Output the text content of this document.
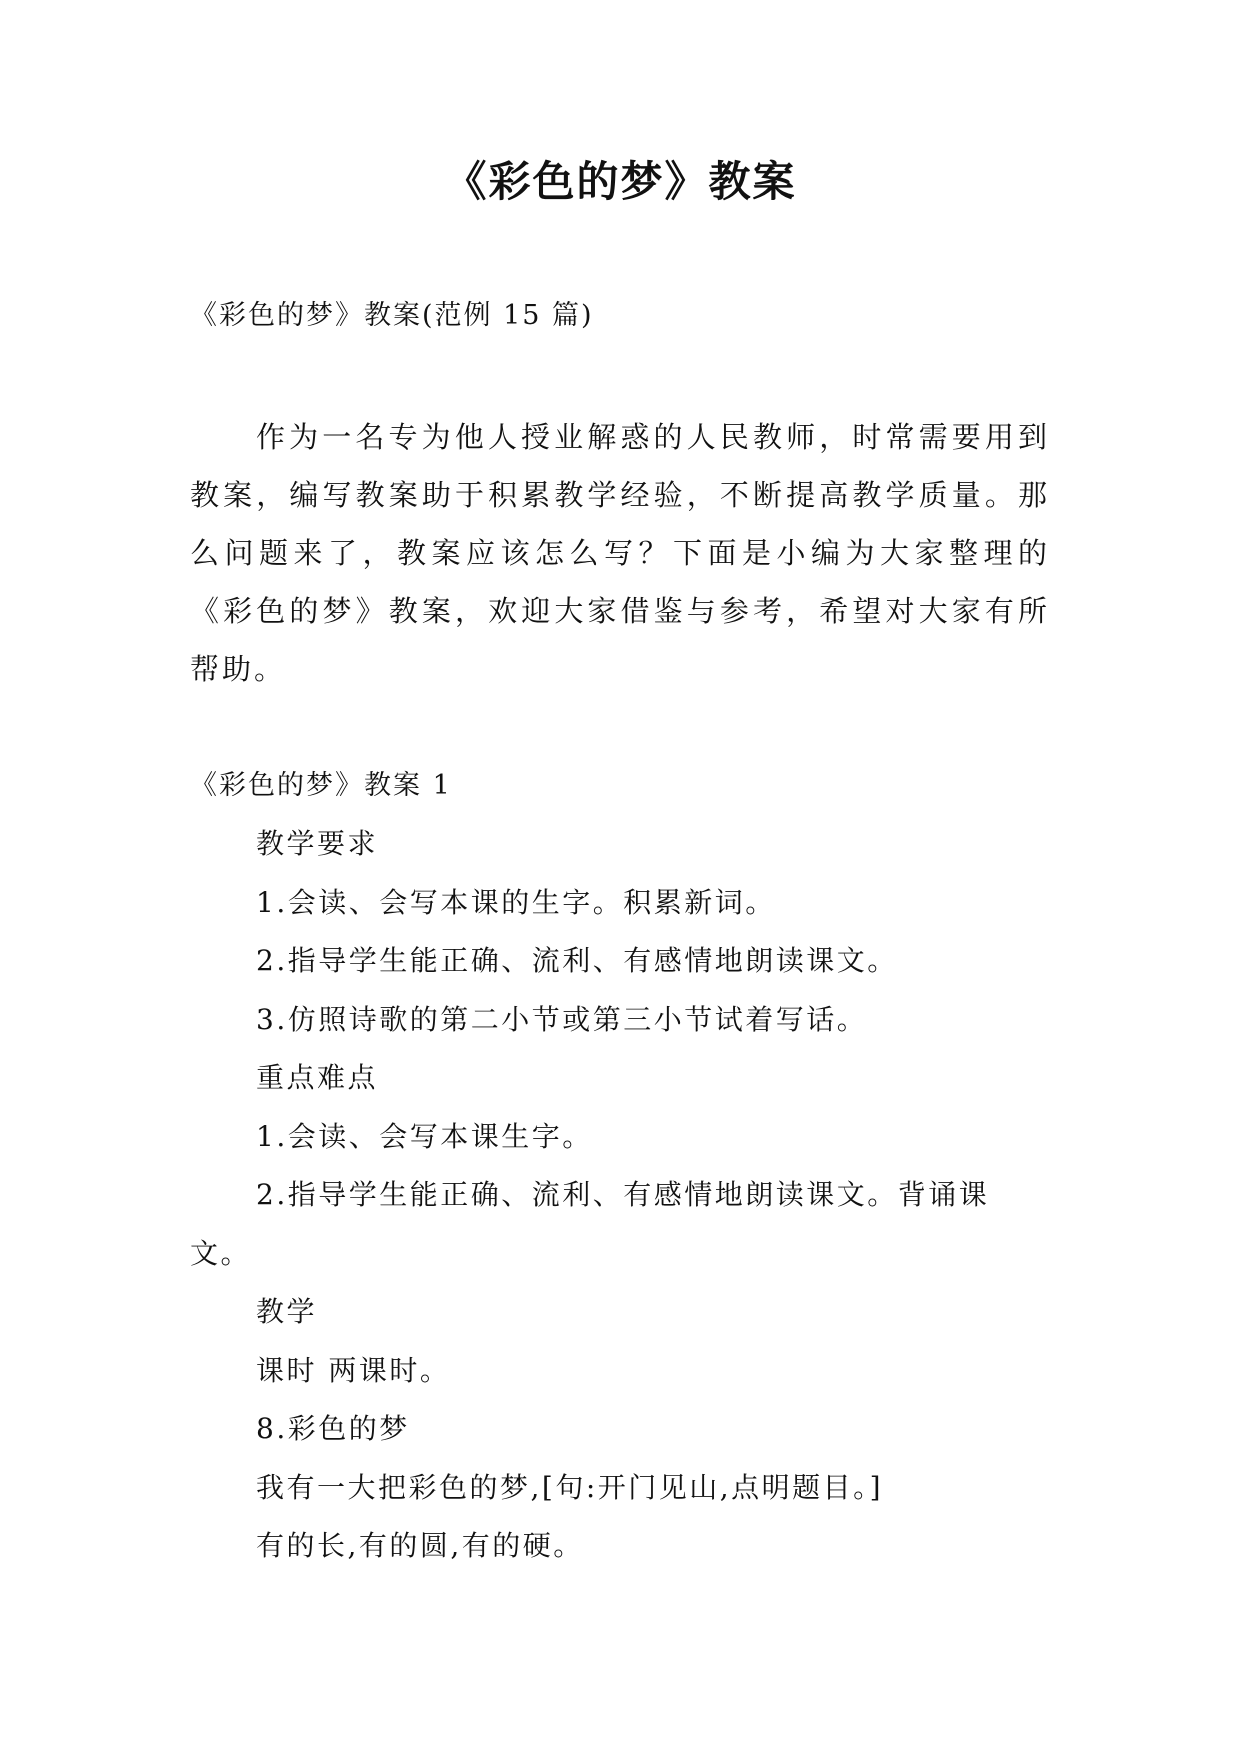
《彩色的梦》教案

《彩色的梦》教案(范例 15 篇)

作为一名专为他人授业解惑的人民教师，时常需要用到教案，编写教案助于积累教学经验，不断提高教学质量。那么问题来了，教案应该怎么写？下面是小编为大家整理的《彩色的梦》教案，欢迎大家借鉴与参考，希望对大家有所帮助。

《彩色的梦》教案 1

教学要求

1.会读、会写本课的生字。积累新词。

2.指导学生能正确、流利、有感情地朗读课文。

3.仿照诗歌的第二小节或第三小节试着写话。

重点难点

1.会读、会写本课生字。

2.指导学生能正确、流利、有感情地朗读课文。背诵课文。

教学

课时 两课时。

8.彩色的梦

我有一大把彩色的梦,[句:开门见山,点明题目。]

有的长,有的圆,有的硬。
